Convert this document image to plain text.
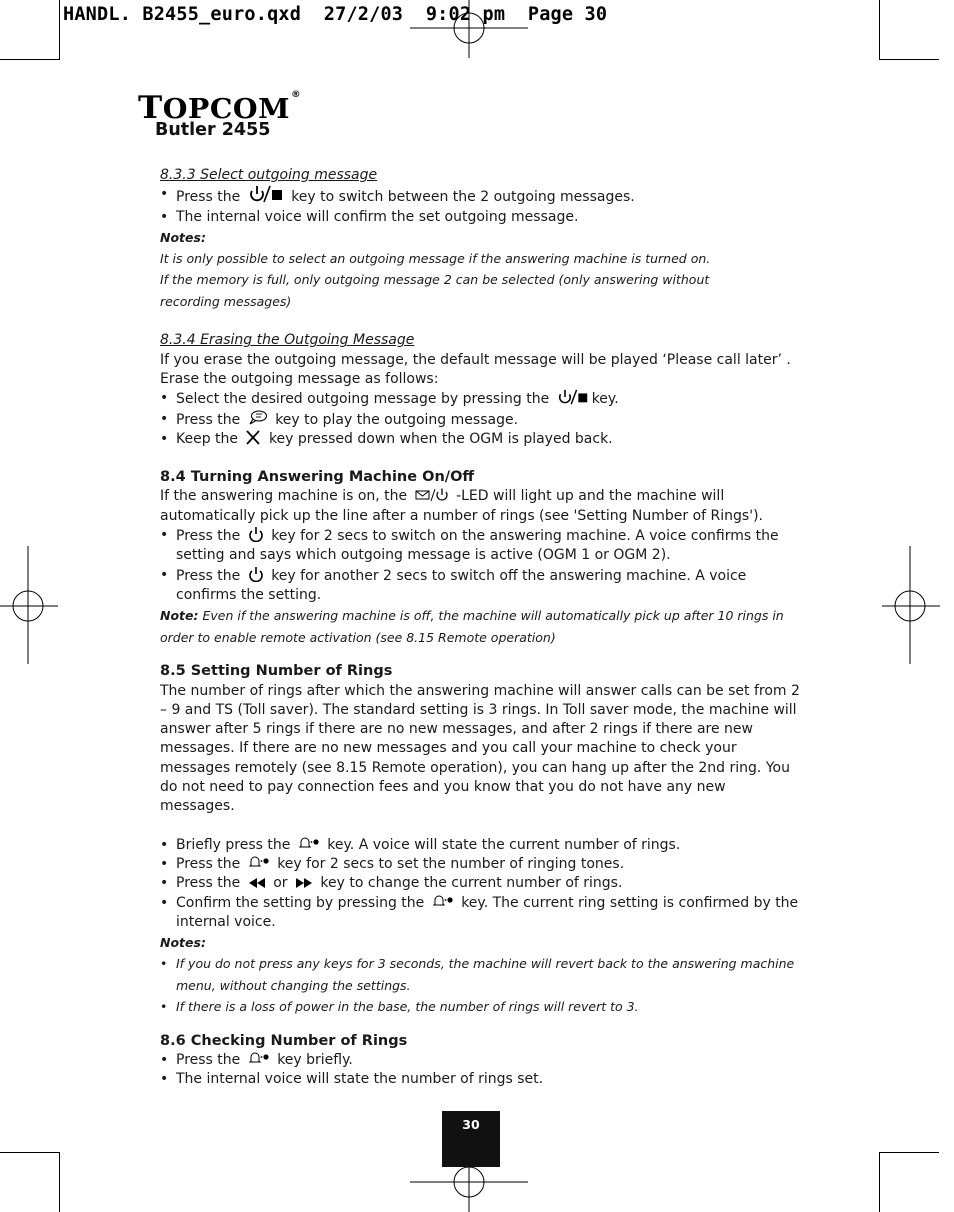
HANDL. B2455_euro.qxd  27/2/03  9:02 pm  Page 30
TOPCOM®
Butler 2455

8.3.3 Select outgoing message

• Press the	key to switch between the 2 outgoing messages.
• The internal voice will confirm the set outgoing message.

Notes:

It is only possible to select an outgoing message if the answering machine is turned on.

If the memory is full, only outgoing message 2 can be selected (only answering without recording messages)

8.3.4 Erasing the Outgoing Message

If you erase the outgoing message, the default message will be played ‘Please call later’ .

Erase the outgoing message as follows:

• Select the desired outgoing message by pressing the	key.
• Press the key to play the outgoing message.
• Keep the key pressed down when the OGM is played back.

8.4 Turning Answering Machine On/Off

If the answering machine is on, the	-LED will light up and the machine will automatically pick up the line after a number of rings (see 'Setting Number of Rings').

• Press the key for 2 secs to switch on the answering machine. A voice confirms the setting and says which outgoing message is active (OGM 1 or OGM 2).
• Press the key for another 2 secs to switch off the answering machine. A voice confirms the setting.

Note: Even if the answering machine is off, the machine will automatically pick up after 10 rings in order to enable remote activation (see 8.15 Remote operation)

8.5 Setting Number of Rings

The number of rings after which the answering machine will answer calls can be set from 2 – 9 and TS (Toll saver). The standard setting is 3 rings. In Toll saver mode, the machine will answer after 5 rings if there are no new messages, and after 2 rings if there are new messages. If there are no new messages and you call your machine to check your messages remotely (see 8.15 Remote operation), you can hang up after the 2nd ring. You do not need to pay connection fees and you know that you do not have any new messages.

• Briefly press the	key. A voice will state the current number of rings.
• Press the	key for 2 secs to set the number of ringing tones.
• Press the or key to change the current number of rings.
• Confirm the setting by pressing the	key. The current ring setting is confirmed by the internal voice.

Notes:

• If you do not press any keys for 3 seconds, the machine will revert back to the answering machine menu, without changing the settings.
• If there is a loss of power in the base, the number of rings will revert to 3.

8.6 Checking Number of Rings

• Press the	key briefly.
• The internal voice will state the number of rings set.
30
